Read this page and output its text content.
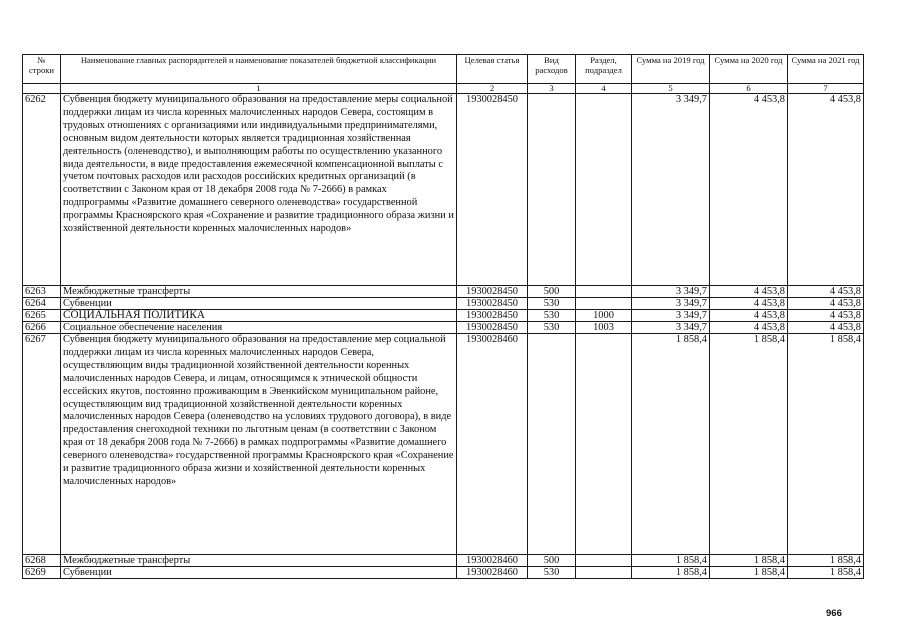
№ строки	Наименование главных распорядителей и наименование показателей бюджетной классификации	Целевая статья	Вид расходов	Раздел, подраздел	Сумма на 2019 год	Сумма на 2020 год	Сумма на 2021 год
	1	2	3	4	5	6	7
6262	Субвенция бюджету муниципального образования на предоставление меры социальной поддержки лицам из числа коренных малочисленных народов Севера, состоящим в трудовых отношениях с организациями или индивидуальными предпринимателями, основным видом деятельности которых является традиционная хозяйственная деятельность (оленеводство), и выполняющим работы по осуществлению указанного вида деятельности, в виде предоставления ежемесячной компенсационной выплаты с учетом почтовых расходов или расходов российских кредитных организаций (в соответствии с Законом края от 18 декабря 2008 года № 7-2666) в рамках подпрограммы «Развитие домашнего северного оленеводства» государственной программы Красноярского края «Сохранение и развитие традиционного образа жизни и хозяйственной деятельности коренных малочисленных народов»	1930028450			3 349,7	4 453,8	4 453,8
6263	Межбюджетные трансферты	1930028450	500		3 349,7	4 453,8	4 453,8
6264	Субвенции	1930028450	530		3 349,7	4 453,8	4 453,8
6265	СОЦИАЛЬНАЯ ПОЛИТИКА	1930028450	530	1000	3 349,7	4 453,8	4 453,8
6266	Социальное обеспечение населения	1930028450	530	1003	3 349,7	4 453,8	4 453,8
6267	Субвенция бюджету муниципального образования на предоставление мер социальной поддержки лицам из числа коренных малочисленных народов Севера, осуществляющим виды традиционной хозяйственной деятельности коренных малочисленных народов Севера, и лицам, относящимся к этнической общности ессейских якутов, постоянно проживающим в Эвенкийском муниципальном районе, осуществляющим вид традиционной хозяйственной деятельности коренных малочисленных народов Севера (оленеводство на условиях трудового договора), в виде предоставления снегоходной техники по льготным ценам (в соответствии с Законом края от 18 декабря 2008 года № 7-2666) в рамках подпрограммы «Развитие домашнего северного оленеводства» государственной программы Красноярского края «Сохранение и развитие традиционного образа жизни и хозяйственной деятельности коренных малочисленных народов»	1930028460			1 858,4	1 858,4	1 858,4
6268	Межбюджетные трансферты	1930028460	500		1 858,4	1 858,4	1 858,4
6269	Субвенции	1930028460	530		1 858,4	1 858,4	1 858,4
966
